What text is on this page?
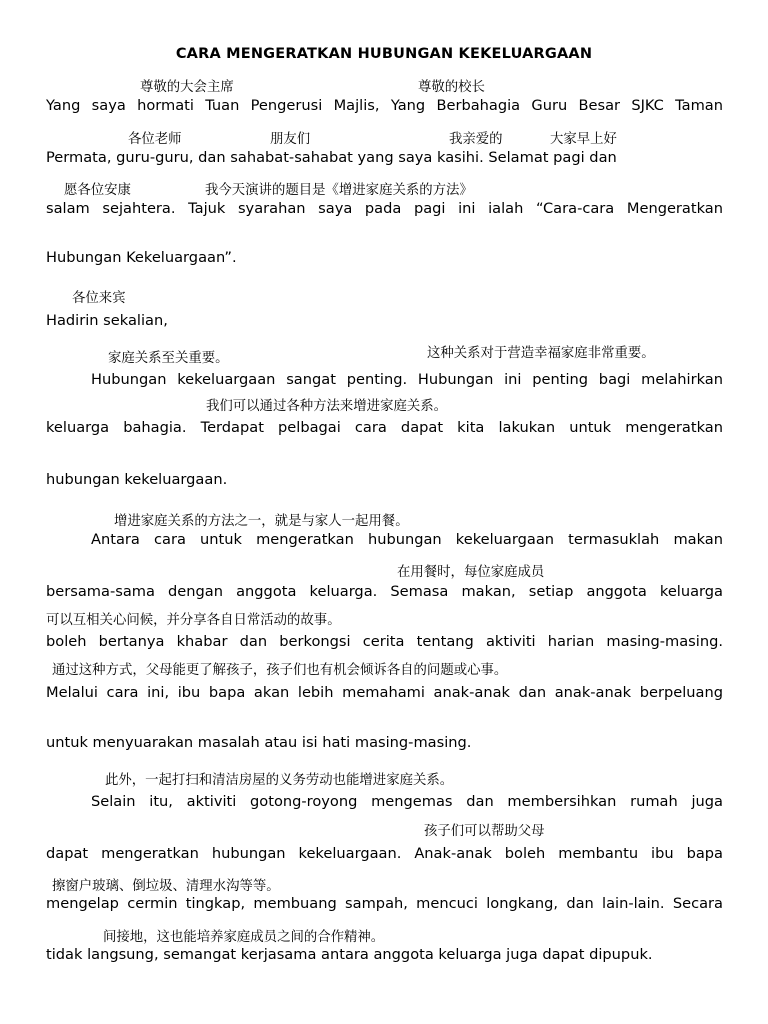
CARA MENGERATKAN HUBUNGAN KEKELUARGAAN
尊敬的大会主席	尊敬的校长
各位老师	朋友们	我亲爱的	大家早上好
愿各位安康	我今天演讲的题目是《增进家庭关系的方法》
各位来宾
家庭关系至关重要。	这种关系对于营造幸福家庭非常重要。
我们可以通过各种方法来增进家庭关系。
增进家庭关系的方法之一，就是与家人一起用餐。
在用餐时，每位家庭成员
可以互相关心问候，并分享各自日常活动的故事。
通过这种方式，父母能更了解孩子，孩子们也有机会倾诉各自的问题或心事。
此外，一起打扫和清洁房屋的义务劳动也能增进家庭关系。
孩子们可以帮助父母
擦窗户玻璃、倒垃圾、清理水沟等等。
间接地，这也能培养家庭成员之间的合作精神。
Yang saya hormati Tuan Pengerusi Majlis, Yang Berbahagia Guru Besar SJKC Taman
Permata, guru-guru, dan sahabat-sahabat yang saya kasihi. Selamat pagi dan
salam sejahtera. Tajuk syarahan saya pada pagi ini ialah “Cara-cara Mengeratkan
Hubungan Kekeluargaan”.
Hadirin sekalian,
Hubungan kekeluargaan sangat penting. Hubungan ini penting bagi melahirkan
keluarga bahagia. Terdapat pelbagai cara dapat kita lakukan untuk mengeratkan
hubungan kekeluargaan.
Antara cara untuk mengeratkan hubungan kekeluargaan termasuklah makan
bersama-sama dengan anggota keluarga. Semasa makan, setiap anggota keluarga
boleh bertanya khabar dan berkongsi cerita tentang aktiviti harian masing-masing.
Melalui cara ini, ibu bapa akan lebih memahami anak-anak dan anak-anak berpeluang
untuk menyuarakan masalah atau isi hati masing-masing.
Selain itu, aktiviti gotong-royong mengemas dan membersihkan rumah juga
dapat mengeratkan hubungan kekeluargaan. Anak-anak boleh membantu ibu bapa
mengelap cermin tingkap, membuang sampah, mencuci longkang, dan lain-lain. Secara
tidak langsung, semangat kerjasama antara anggota keluarga juga dapat dipupuk.
